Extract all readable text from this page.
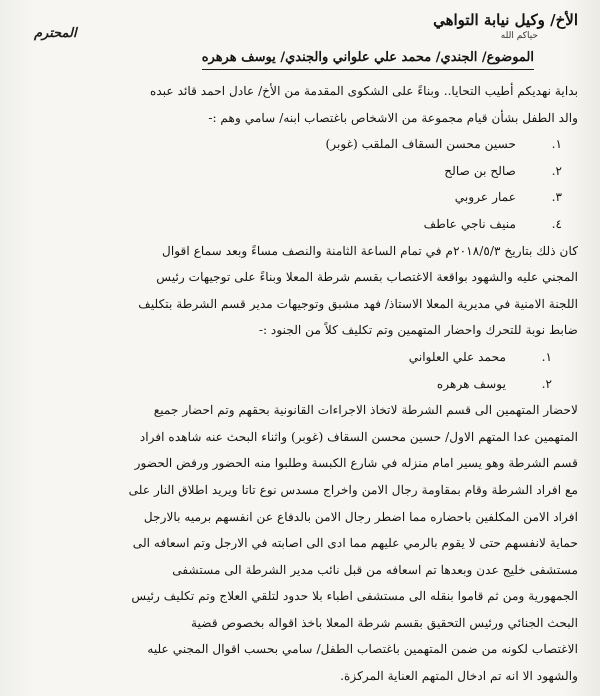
الأخ/ وكيل نيابة التواهي
حياكم الله
المحترم
الموضوع/ الجندي/ محمد علي علواني والجندي/ يوسف هرهره
بداية نهديكم أطيب التحايا.. وبناءً على الشكوى المقدمة من الأخ/ عادل احمد قائد عبده
والد الطفل بشأن قيام مجموعة من الاشخاص باغتصاب ابنه/ سامي وهم :-
.١
حسين محسن السقاف الملقب (غوبر)
.٢
صالح بن صالح
.٣
عمار عروبي
.٤
منيف ناجي عاطف
كان ذلك بتاريخ ٢٠١٨/٥/٣م في تمام الساعة الثامنة والنصف مساءً وبعد سماع اقوال
المجني عليه والشهود بواقعة الاغتصاب بقسم شرطة المعلا وبناءً على توجيهات رئيس
اللجنة الامنية في مديرية المعلا الاستاذ/ فهد مشبق وتوجيهات مدير قسم الشرطة بتكليف
ضابط نوبة للتحرك واحضار المتهمين وتم تكليف كلاً من الجنود :-
.١
محمد علي العلواني
.٢
يوسف هرهره
لاحضار المتهمين الى قسم الشرطة لاتخاذ الاجراءات القانونية بحقهم وتم احضار جميع
المتهمين عدا المتهم الاول/ حسين محسن السقاف (غوبر) واثناء البحث عنه شاهده افراد
قسم الشرطة وهو يسير امام منزله في شارع الكبسة وطلبوا منه الحضور ورفض الحضور
مع افراد الشرطة وقام بمقاومة رجال الامن واخراج مسدس نوع تاتا ويريد اطلاق النار على
افراد الامن المكلفين باحضاره مما اضطر رجال الامن بالدفاع عن انفسهم برميه بالارجل
حماية لانفسهم حتى لا يقوم بالرمي عليهم مما ادى الى اصابته في الارجل وتم اسعافه الى
مستشفى خليج عدن وبعدها تم اسعافه من قبل نائب مدير الشرطة الى مستشفى
الجمهورية ومن ثم قاموا بنقله الى مستشفى اطباء بلا حدود لتلقي العلاج وتم تكليف رئيس
البحث الجنائي ورئيس التحقيق بقسم شرطة المعلا باخذ اقواله بخصوص قضية
الاغتصاب لكونه من ضمن المتهمين باغتصاب الطفل/ سامي بحسب اقوال المجني عليه
والشهود الا انه تم ادخال المتهم العناية المركزة.
